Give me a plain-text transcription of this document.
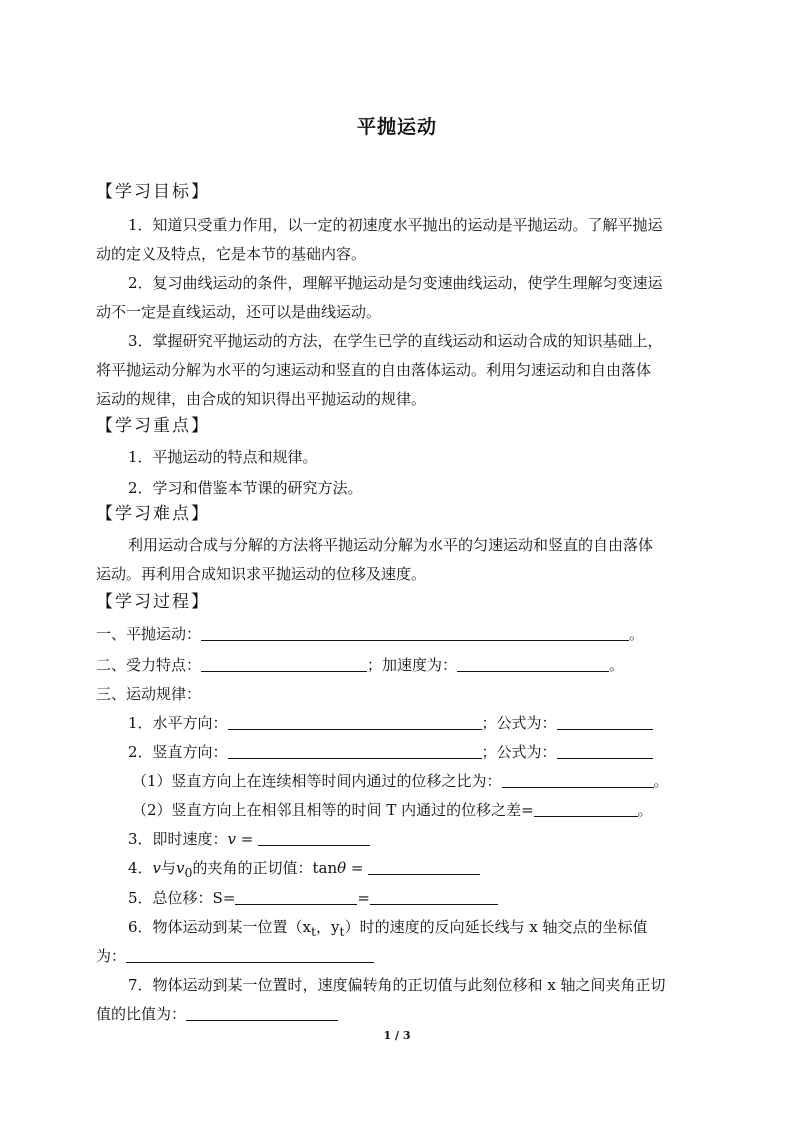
平抛运动
【学习目标】
1．知道只受重力作用，以一定的初速度水平抛出的运动是平抛运动。了解平抛运
动的定义及特点，它是本节的基础内容。
2．复习曲线运动的条件，理解平抛运动是匀变速曲线运动，使学生理解匀变速运
动不一定是直线运动，还可以是曲线运动。
3．掌握研究平抛运动的方法，在学生已学的直线运动和运动合成的知识基础上，
将平抛运动分解为水平的匀速运动和竖直的自由落体运动。利用匀速运动和自由落体
运动的规律，由合成的知识得出平抛运动的规律。
【学习重点】
1．平抛运动的特点和规律。
2．学习和借鉴本节课的研究方法。
【学习难点】
利用运动合成与分解的方法将平抛运动分解为水平的匀速运动和竖直的自由落体
运动。再利用合成知识求平抛运动的位移及速度。
【学习过程】
一、平抛运动：	。
二、受力特点：	；加速度为：	。
三、运动规律：
1．水平方向：	；公式为：
2．竖直方向：	；公式为：
（1）竖直方向上在连续相等时间内通过的位移之比为：	。
（2）竖直方向上在相邻且相等的时间 T 内通过的位移之差=	。
3．即时速度：v =
4．v与$v_0$的夹角的正切值：tanθ =
5．总位移：S=	=
6．物体运动到某一位置（$x_t$，$y_t$）时的速度的反向延长线与 x 轴交点的坐标值
为：
7．物体运动到某一位置时，速度偏转角的正切值与此刻位移和 x 轴之间夹角正切
值的比值为：
1 / 3
